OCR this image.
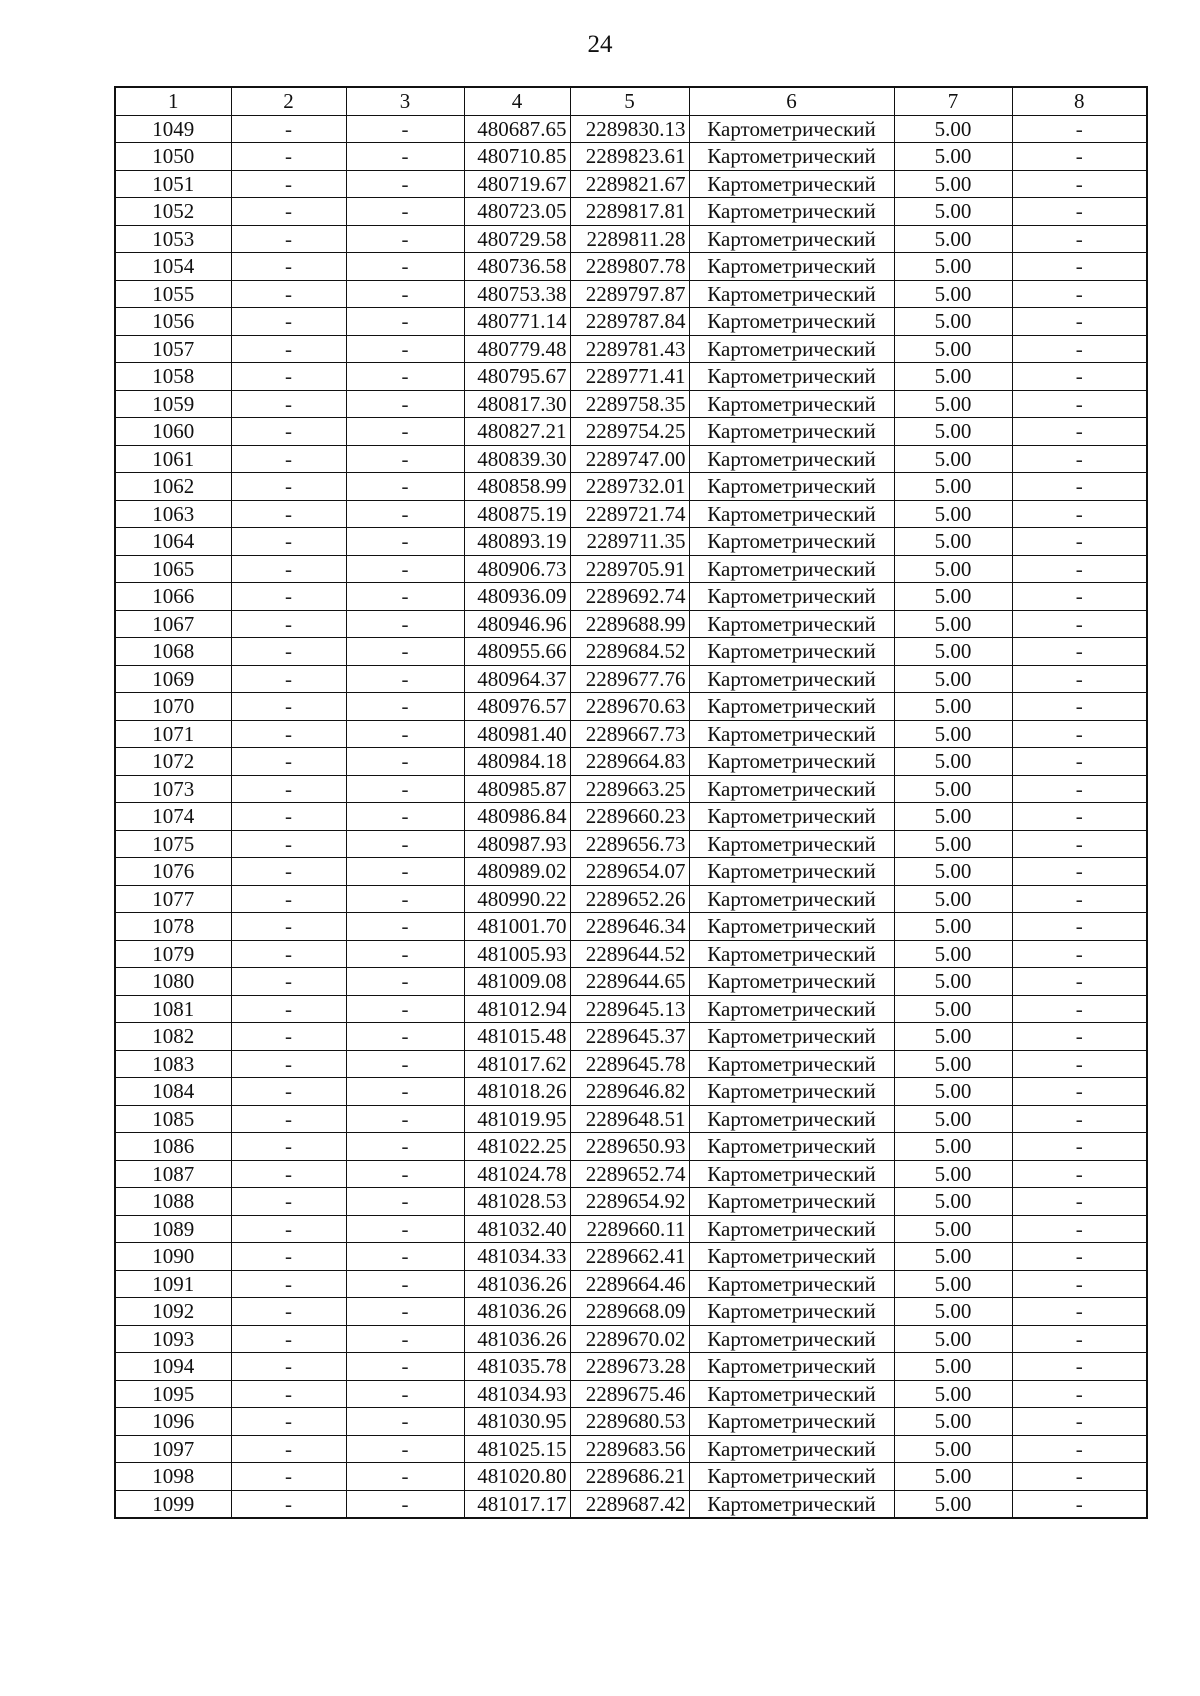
24
1	2	3	4	5	6	7	8
1049	-	-	480687.65	2289830.13	Картометрический	5.00	-
1050	-	-	480710.85	2289823.61	Картометрический	5.00	-
1051	-	-	480719.67	2289821.67	Картометрический	5.00	-
1052	-	-	480723.05	2289817.81	Картометрический	5.00	-
1053	-	-	480729.58	2289811.28	Картометрический	5.00	-
1054	-	-	480736.58	2289807.78	Картометрический	5.00	-
1055	-	-	480753.38	2289797.87	Картометрический	5.00	-
1056	-	-	480771.14	2289787.84	Картометрический	5.00	-
1057	-	-	480779.48	2289781.43	Картометрический	5.00	-
1058	-	-	480795.67	2289771.41	Картометрический	5.00	-
1059	-	-	480817.30	2289758.35	Картометрический	5.00	-
1060	-	-	480827.21	2289754.25	Картометрический	5.00	-
1061	-	-	480839.30	2289747.00	Картометрический	5.00	-
1062	-	-	480858.99	2289732.01	Картометрический	5.00	-
1063	-	-	480875.19	2289721.74	Картометрический	5.00	-
1064	-	-	480893.19	2289711.35	Картометрический	5.00	-
1065	-	-	480906.73	2289705.91	Картометрический	5.00	-
1066	-	-	480936.09	2289692.74	Картометрический	5.00	-
1067	-	-	480946.96	2289688.99	Картометрический	5.00	-
1068	-	-	480955.66	2289684.52	Картометрический	5.00	-
1069	-	-	480964.37	2289677.76	Картометрический	5.00	-
1070	-	-	480976.57	2289670.63	Картометрический	5.00	-
1071	-	-	480981.40	2289667.73	Картометрический	5.00	-
1072	-	-	480984.18	2289664.83	Картометрический	5.00	-
1073	-	-	480985.87	2289663.25	Картометрический	5.00	-
1074	-	-	480986.84	2289660.23	Картометрический	5.00	-
1075	-	-	480987.93	2289656.73	Картометрический	5.00	-
1076	-	-	480989.02	2289654.07	Картометрический	5.00	-
1077	-	-	480990.22	2289652.26	Картометрический	5.00	-
1078	-	-	481001.70	2289646.34	Картометрический	5.00	-
1079	-	-	481005.93	2289644.52	Картометрический	5.00	-
1080	-	-	481009.08	2289644.65	Картометрический	5.00	-
1081	-	-	481012.94	2289645.13	Картометрический	5.00	-
1082	-	-	481015.48	2289645.37	Картометрический	5.00	-
1083	-	-	481017.62	2289645.78	Картометрический	5.00	-
1084	-	-	481018.26	2289646.82	Картометрический	5.00	-
1085	-	-	481019.95	2289648.51	Картометрический	5.00	-
1086	-	-	481022.25	2289650.93	Картометрический	5.00	-
1087	-	-	481024.78	2289652.74	Картометрический	5.00	-
1088	-	-	481028.53	2289654.92	Картометрический	5.00	-
1089	-	-	481032.40	2289660.11	Картометрический	5.00	-
1090	-	-	481034.33	2289662.41	Картометрический	5.00	-
1091	-	-	481036.26	2289664.46	Картометрический	5.00	-
1092	-	-	481036.26	2289668.09	Картометрический	5.00	-
1093	-	-	481036.26	2289670.02	Картометрический	5.00	-
1094	-	-	481035.78	2289673.28	Картометрический	5.00	-
1095	-	-	481034.93	2289675.46	Картометрический	5.00	-
1096	-	-	481030.95	2289680.53	Картометрический	5.00	-
1097	-	-	481025.15	2289683.56	Картометрический	5.00	-
1098	-	-	481020.80	2289686.21	Картометрический	5.00	-
1099	-	-	481017.17	2289687.42	Картометрический	5.00	-
